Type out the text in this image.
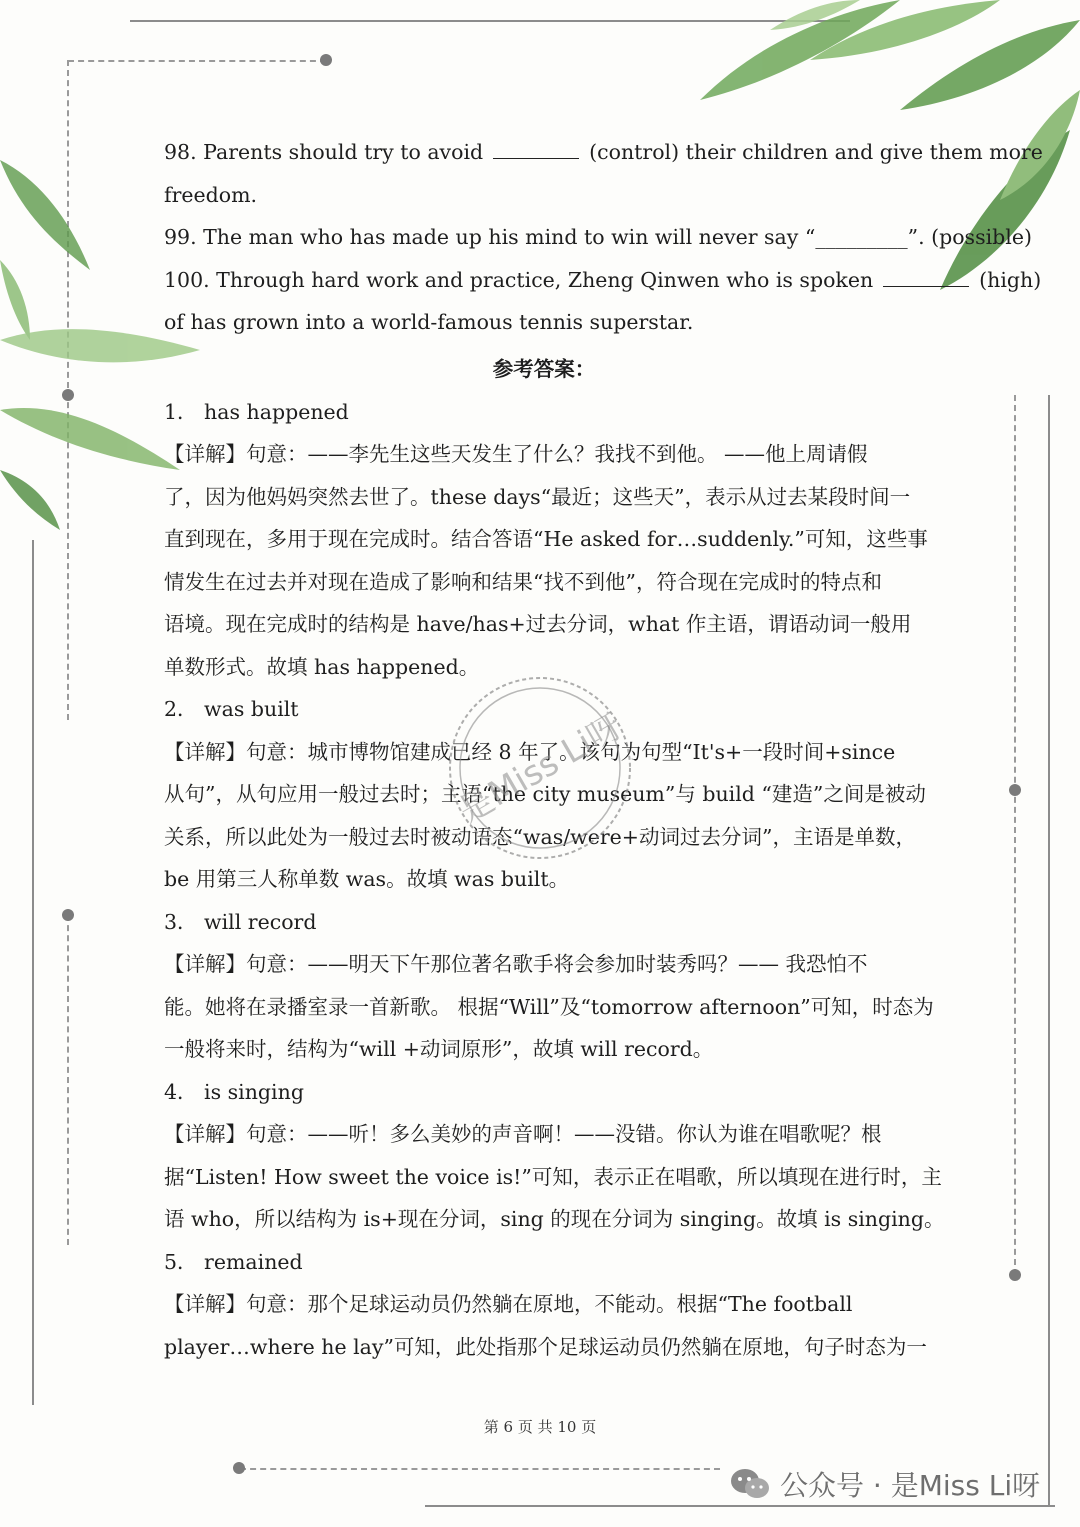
98. Parents should try to avoid	(control) their children and give them more
freedom.
99. The man who has made up his mind to win will never say “_________”. (possible)
100. Through hard work and practice, Zheng Qinwen who is spoken	(high)
of has grown into a world-famous tennis superstar.
参考答案：
1． has happened
【详解】句意：——李先生这些天发生了什么？我找不到他。 ——他上周请假
了，因为他妈妈突然去世了。these days“最近；这些天”，表示从过去某段时间一
直到现在，多用于现在完成时。结合答语“He asked for…suddenly.”可知，这些事
情发生在过去并对现在造成了影响和结果“找不到他”，符合现在完成时的特点和
语境。现在完成时的结构是 have/has+过去分词，what 作主语，谓语动词一般用
单数形式。故填 has happened。
2． was built
【详解】句意：城市博物馆建成已经 8 年了。该句为句型“It's+一段时间+since
从句”，从句应用一般过去时；主语“the city museum”与 build “建造”之间是被动
关系，所以此处为一般过去时被动语态“was/were+动词过去分词”，主语是单数，
be 用第三人称单数 was。故填 was built。
3． will record
【详解】句意：——明天下午那位著名歌手将会参加时装秀吗？—— 我恐怕不
能。她将在录播室录一首新歌。 根据“Will”及“tomorrow afternoon”可知，时态为
一般将来时，结构为“will +动词原形”，故填 will record。
4． is singing
【详解】句意：——听！多么美妙的声音啊！——没错。你认为谁在唱歌呢？根
据“Listen! How sweet the voice is!”可知，表示正在唱歌，所以填现在进行时，主
语 who，所以结构为 is+现在分词，sing 的现在分词为 singing。故填 is singing。
5． remained
【详解】句意：那个足球运动员仍然躺在原地，不能动。根据“The football
player…where he lay”可知，此处指那个足球运动员仍然躺在原地，句子时态为一
是Miss Li呀
第 6 页 共 10 页
公众号 · 是Miss Li呀
